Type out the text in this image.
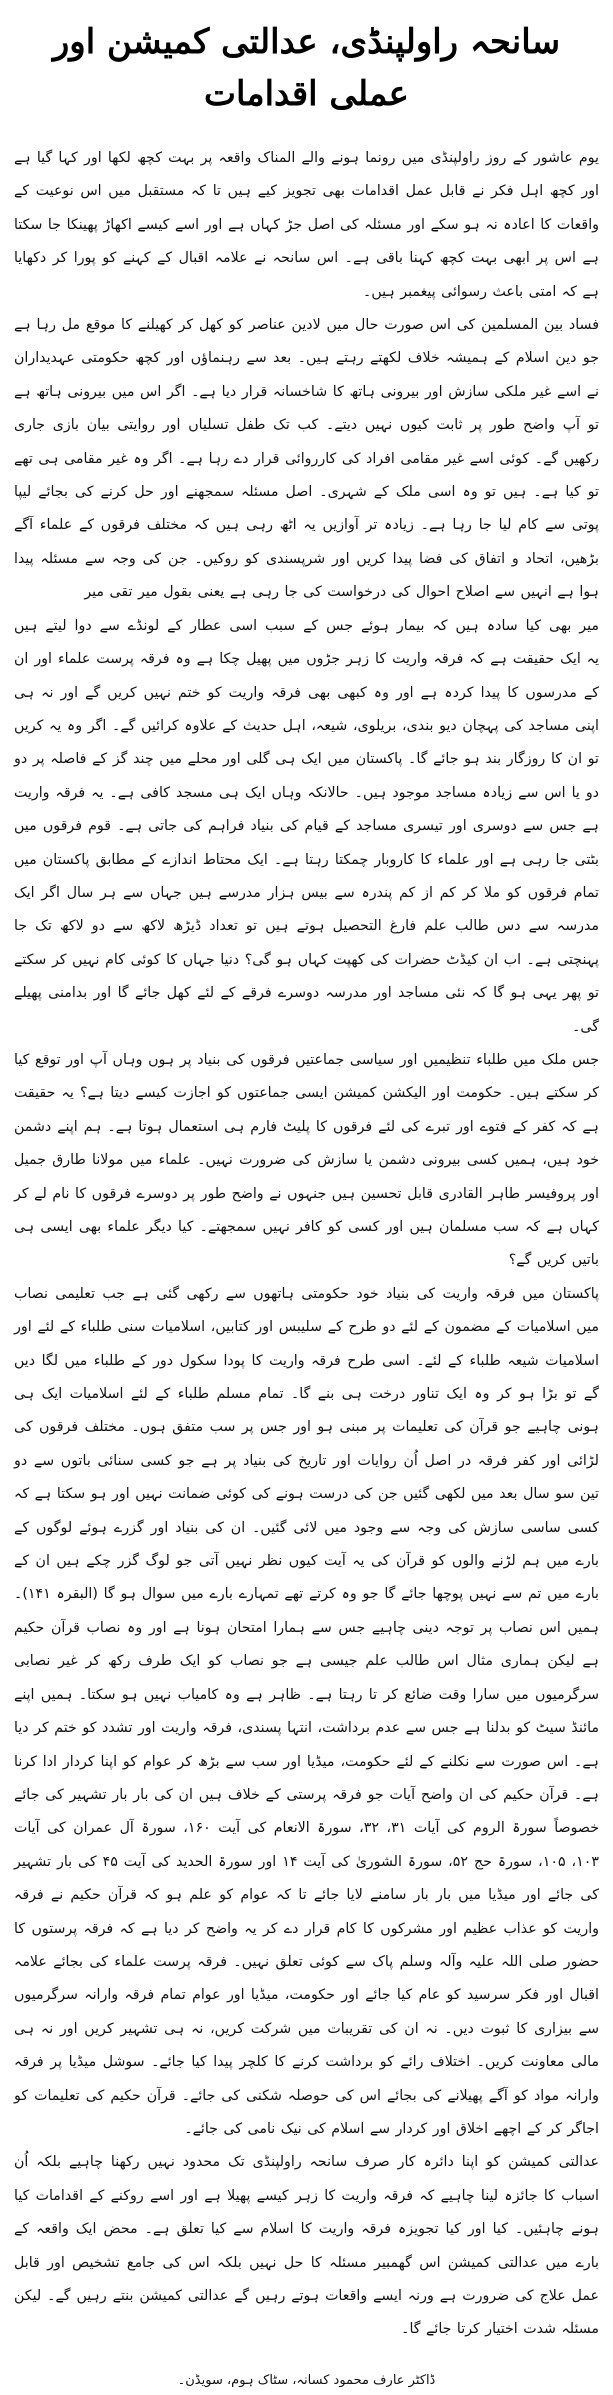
سانحہ راولپنڈی، عدالتی کمیشن اور عملی اقدامات

یوم عاشور کے روز راولپنڈی میں رونما ہونے والے المناک واقعہ پر بہت کچھ لکھا اور کہا گیا ہے اور کچھ اہل فکر نے قابل عمل اقدامات بھی تجویز کیے ہیں تا کہ مستقبل میں اس نوعیت کے واقعات کا اعادہ نہ ہو سکے اور مسئلہ کی اصل جڑ کہاں ہے اور اسے کیسے اکھاڑ پھینکا جا سکتا ہے اس پر ابھی بہت کچھ کہنا باقی ہے۔ اس سانحہ نے علامہ اقبال کے کہنے کو پورا کر دکھایا ہے کہ امتی باعث رسوائی پیغمبر ہیں۔

فساد بین المسلمین کی اس صورت حال میں لادین عناصر کو کھل کر کھیلنے کا موقع مل رہا ہے جو دین اسلام کے ہمیشہ خلاف لکھتے رہتے ہیں۔ بعد سے رہنماؤں اور کچھ حکومتی عہدیداران نے اسے غیر ملکی سازش اور بیرونی ہاتھ کا شاخسانہ قرار دیا ہے۔ اگر اس میں بیرونی ہاتھ ہے تو آپ واضح طور پر ثابت کیوں نہیں دیتے۔ کب تک طفل تسلیاں اور روایتی بیان بازی جاری رکھیں گے۔ کوئی اسے غیر مقامی افراد کی کارروائی قرار دے رہا ہے۔ اگر وہ غیر مقامی ہی تھے تو کیا ہے۔ ہیں تو وہ اسی ملک کے شہری۔ اصل مسئلہ سمجھنے اور حل کرنے کی بجائے لیپا پوتی سے کام لیا جا رہا ہے۔ زیادہ تر آوازیں یہ اٹھ رہی ہیں کہ مختلف فرقوں کے علماء آگے بڑھیں، اتحاد و اتفاق کی فضا پیدا کریں اور شرپسندی کو روکیں۔ جن کی وجہ سے مسئلہ پیدا ہوا ہے انہیں سے اصلاح احوال کی درخواست کی جا رہی ہے یعنی بقول میر تقی میر

میر بھی کیا سادہ ہیں کہ بیمار ہوئے جس کے سبب اسی عطار کے لونڈے سے دوا لیتے ہیں

یہ ایک حقیقت ہے کہ فرقہ واریت کا زہر جڑوں میں پھیل چکا ہے وہ فرقہ پرست علماء اور ان کے مدرسوں کا پیدا کردہ ہے اور وہ کبھی بھی فرقہ واریت کو ختم نہیں کریں گے اور نہ ہی اپنی مساجد کی پہچان دیو بندی، بریلوی، شیعہ، اہل حدیث کے علاوہ کرائیں گے۔ اگر وہ یہ کریں تو ان کا روزگار بند ہو جائے گا۔ پاکستان میں ایک ہی گلی اور محلے میں چند گز کے فاصلہ پر دو دو یا اس سے زیادہ مساجد موجود ہیں۔ حالانکہ وہاں ایک ہی مسجد کافی ہے۔ یہ فرقہ واریت ہے جس سے دوسری اور تیسری مساجد کے قیام کی بنیاد فراہم کی جاتی ہے۔ قوم فرقوں میں بٹتی جا رہی ہے اور علماء کا کاروبار چمکتا رہتا ہے۔ ایک محتاط اندازے کے مطابق پاکستان میں تمام فرقوں کو ملا کر کم از کم پندرہ سے بیس ہزار مدرسے ہیں جہاں سے ہر سال اگر ایک مدرسہ سے دس طالب علم فارغ التحصیل ہوتے ہیں تو تعداد ڈیڑھ لاکھ سے دو لاکھ تک جا پہنچتی ہے۔ اب ان کیڈٹ حضرات کی کھپت کہاں ہو گی؟ دنیا جہاں کا کوئی کام نہیں کر سکتے تو پھر یہی ہو گا کہ نئی مساجد اور مدرسہ دوسرے فرقے کے لئے کھل جائے گا اور بدامنی پھیلے گی۔

جس ملک میں طلباء تنظیمیں اور سیاسی جماعتیں فرقوں کی بنیاد پر ہوں وہاں آپ اور توقع کیا کر سکتے ہیں۔ حکومت اور الیکشن کمیشن ایسی جماعتوں کو اجازت کیسے دیتا ہے؟ یہ حقیقت ہے کہ کفر کے فتوے اور تبرے کی لئے فرقوں کا پلیٹ فارم ہی استعمال ہوتا ہے۔ ہم اپنے دشمن خود ہیں، ہمیں کسی بیرونی دشمن یا سازش کی ضرورت نہیں۔ علماء میں مولانا طارق جمیل اور پروفیسر طاہر القادری قابل تحسین ہیں جنہوں نے واضح طور پر دوسرے فرقوں کا نام لے کر کہاں ہے کہ سب مسلمان ہیں اور کسی کو کافر نہیں سمجھتے۔ کیا دیگر علماء بھی ایسی ہی باتیں کریں گے؟

پاکستان میں فرقہ واریت کی بنیاد خود حکومتی ہاتھوں سے رکھی گئی ہے جب تعلیمی نصاب میں اسلامیات کے مضمون کے لئے دو طرح کے سلیبس اور کتابیں، اسلامیات سنی طلباء کے لئے اور اسلامیات شیعہ طلباء کے لئے۔ اسی طرح فرقہ واریت کا پودا سکول دور کے طلباء میں لگا دیں گے تو بڑا ہو کر وہ ایک تناور درخت ہی بنے گا۔ تمام مسلم طلباء کے لئے اسلامیات ایک ہی ہونی چاہیے جو قرآن کی تعلیمات پر مبنی ہو اور جس پر سب متفق ہوں۔ مختلف فرقوں کی لڑائی اور کفر فرقہ در اصل اُن روایات اور تاریخ کی بنیاد پر ہے جو کسی سنائی باتوں سے دو تین سو سال بعد میں لکھی گئیں جن کی درست ہونے کی کوئی ضمانت نہیں اور ہو سکتا ہے کہ کسی ساسی سازش کی وجہ سے وجود میں لائی گئیں۔ ان کی بنیاد اور گزرے ہوئے لوگوں کے بارے میں ہم لڑنے والوں کو قرآن کی یہ آیت کیوں نظر نہیں آتی جو لوگ گزر چکے ہیں ان کے بارے میں تم سے نہیں پوچھا جائے گا جو وہ کرتے تھے تمہارے بارے میں سوال ہو گا (البقرہ ۱۴۱)۔ ہمیں اس نصاب پر توجہ دینی چاہیے جس سے ہمارا امتحان ہونا ہے اور وہ نصاب قرآن حکیم ہے لیکن ہماری مثال اس طالب علم جیسی ہے جو نصاب کو ایک طرف رکھ کر غیر نصابی سرگرمیوں میں سارا وقت ضائع کر تا رہتا ہے۔ ظاہر ہے وہ کامیاب نہیں ہو سکتا۔ ہمیں اپنے مائنڈ سیٹ کو بدلنا ہے جس سے عدم برداشت، انتہا پسندی، فرقہ واریت اور تشدد کو ختم کر دیا ہے۔ اس صورت سے نکلنے کے لئے حکومت، میڈیا اور سب سے بڑھ کر عوام کو اپنا کردار ادا کرنا ہے۔ قرآن حکیم کی ان واضح آیات جو فرقہ پرستی کے خلاف ہیں ان کی بار بار تشہیر کی جائے خصوصاً سورۃ الروم کی آیات ۳۱، ۳۲، سورۃ الانعام کی آیت ۱۶۰، سورۃ آل عمران کی آیات ۱۰۳، ۱۰۵، سورۃ حج ۵۲، سورۃ الشوریٰ کی آیت ۱۴ اور سورۃ الحدید کی آیت ۴۵ کی بار تشہیر کی جائے اور میڈیا میں بار بار سامنے لایا جائے تا کہ عوام کو علم ہو کہ قرآن حکیم نے فرقہ واریت کو عذاب عظیم اور مشرکوں کا کام قرار دے کر یہ واضح کر دیا ہے کہ فرقہ پرستوں کا حضور صلی اللہ علیہ وآلہ وسلم پاک سے کوئی تعلق نہیں۔ فرقہ پرست علماء کی بجائے علامہ اقبال اور فکر سرسید کو عام کیا جائے اور حکومت، میڈیا اور عوام تمام فرقہ وارانہ سرگرمیوں سے بیزاری کا ثبوت دیں۔ نہ ان کی تقریبات میں شرکت کریں، نہ ہی تشہیر کریں اور نہ ہی مالی معاونت کریں۔ اختلاف رائے کو برداشت کرنے کا کلچر پیدا کیا جائے۔ سوشل میڈیا پر فرقہ وارانہ مواد کو آگے پھیلانے کی بجائے اس کی حوصلہ شکنی کی جائے۔ قرآن حکیم کی تعلیمات کو اجاگر کر کے اچھے اخلاق اور کردار سے اسلام کی نیک نامی کی جائے۔

عدالتی کمیشن کو اپنا دائرہ کار صرف سانحہ راولپنڈی تک محدود نہیں رکھنا چاہیے بلکہ اُن اسباب کا جائزہ لینا چاہیے کہ فرقہ واریت کا زہر کیسے پھیلا ہے اور اسے روکنے کے اقدامات کیا ہونے چاہئیں۔ کیا اور کیا تجویزہ فرقہ واریت کا اسلام سے کیا تعلق ہے۔ محض ایک واقعہ کے بارے میں عدالتی کمیشن اس گھمبیر مسئلہ کا حل نہیں بلکہ اس کی جامع تشخیص اور قابل عمل علاج کی ضرورت ہے ورنہ ایسے واقعات ہوتے رہیں گے عدالتی کمیشن بنتے رہیں گے۔ لیکن مسئلہ شدت اختیار کرتا جائے گا۔

ڈاکٹر عارف محمود کسانہ، سٹاک ہوم، سویڈن۔
